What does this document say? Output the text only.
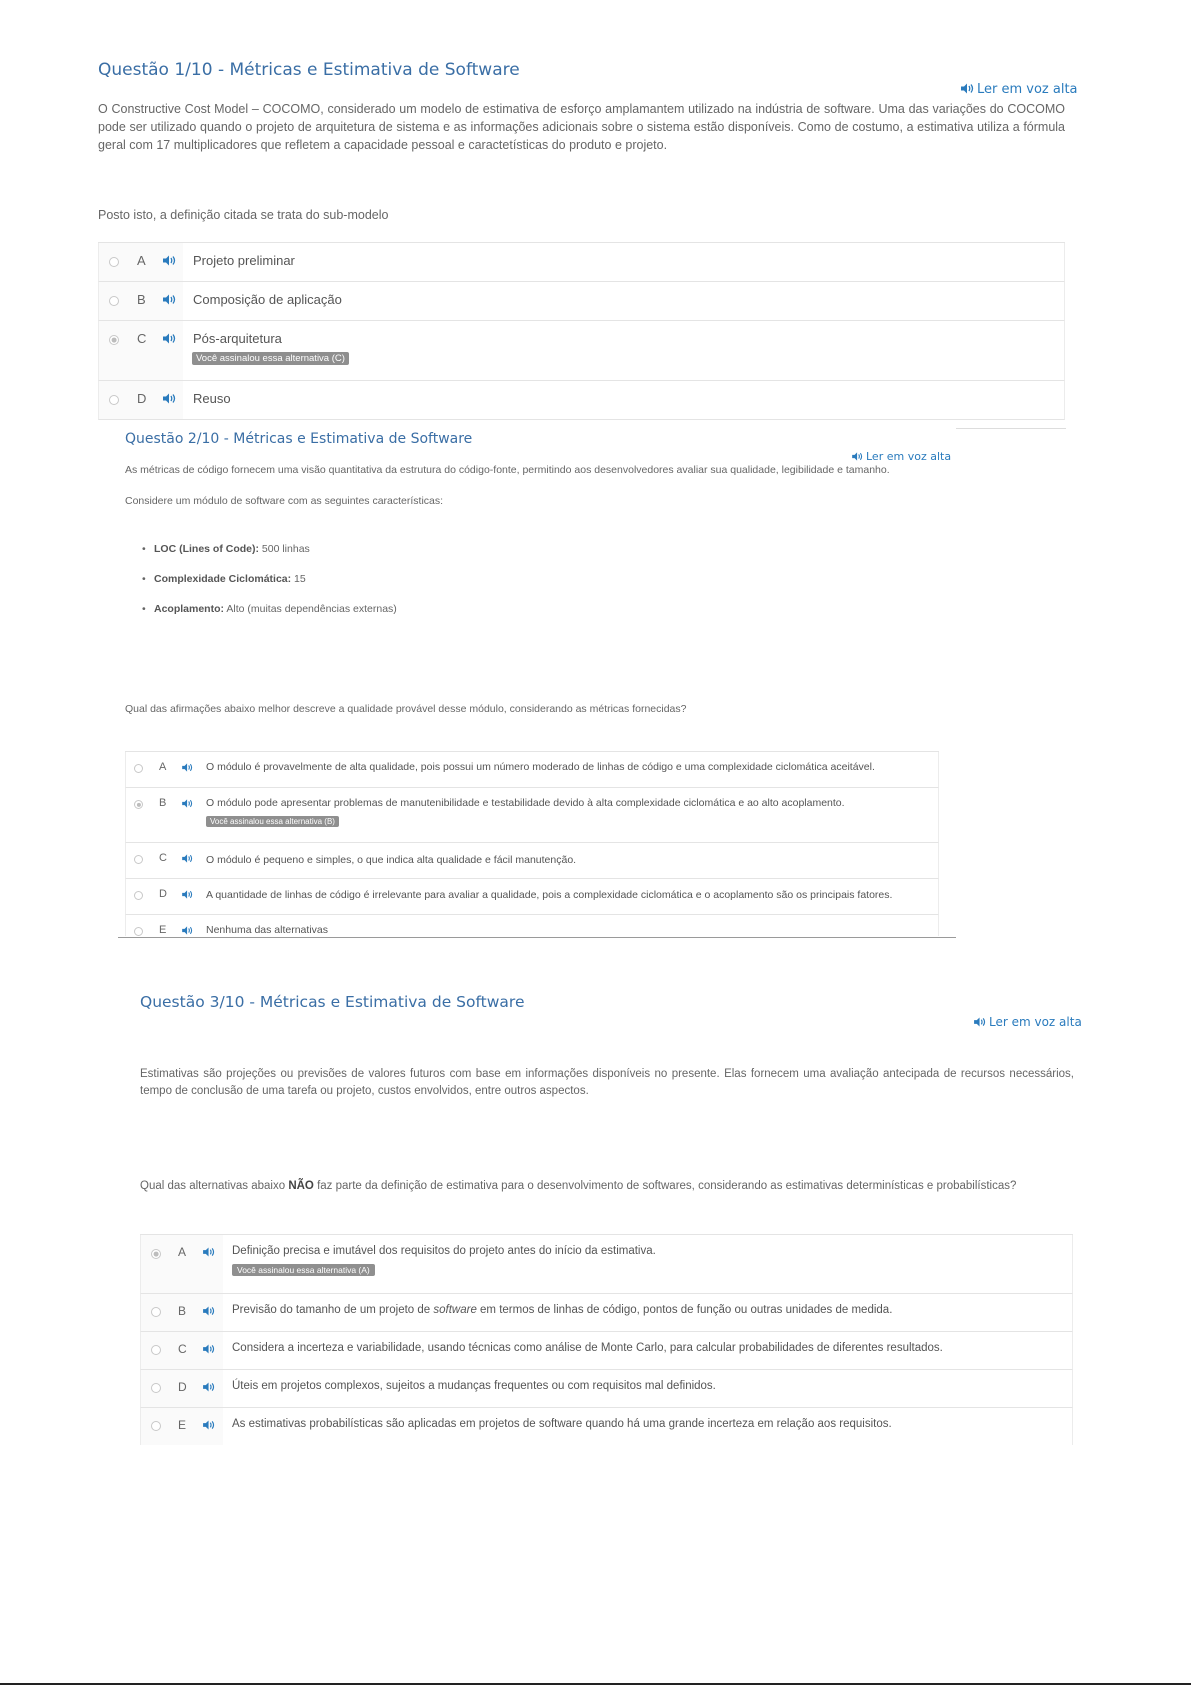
Questão 1/10 - Métricas e Estimativa de Software
Ler em voz alta
O Constructive Cost Model – COCOMO, considerado um modelo de estimativa de esforço amplamantem utilizado na indústria de software. Uma das variações do COCOMO pode ser utilizado quando o projeto de arquitetura de sistema e as informações adicionais sobre o sistema estão disponíveis. Como de costumo, a estimativa utiliza a fórmula geral com 17 multiplicadores que refletem a capacidade pessoal e caractetísticas do produto e projeto.
Posto isto, a definição citada se trata do sub-modelo
A	Projeto preliminar
B	Composição de aplicação
C	Pós-arquitetura
Você assinalou essa alternativa (C)
D	Reuso
Questão 2/10 - Métricas e Estimativa de Software
Ler em voz alta
As métricas de código fornecem uma visão quantitativa da estrutura do código-fonte, permitindo aos desenvolvedores avaliar sua qualidade, legibilidade e tamanho.
Considere um módulo de software com as seguintes características:
• LOC (Lines of Code): 500 linhas
• Complexidade Ciclomática: 15
• Acoplamento: Alto (muitas dependências externas)
Qual das afirmações abaixo melhor descreve a qualidade provável desse módulo, considerando as métricas fornecidas?
A	O módulo é provavelmente de alta qualidade, pois possui um número moderado de linhas de código e uma complexidade ciclomática aceitável.
B	O módulo pode apresentar problemas de manutenibilidade e testabilidade devido à alta complexidade ciclomática e ao alto acoplamento.
Você assinalou essa alternativa (B)
C	O módulo é pequeno e simples, o que indica alta qualidade e fácil manutenção.
D	A quantidade de linhas de código é irrelevante para avaliar a qualidade, pois a complexidade ciclomática e o acoplamento são os principais fatores.
E	Nenhuma das alternativas
Questão 3/10 - Métricas e Estimativa de Software
Ler em voz alta
Estimativas são projeções ou previsões de valores futuros com base em informações disponíveis no presente. Elas fornecem uma avaliação antecipada de recursos necessários, tempo de conclusão de uma tarefa ou projeto, custos envolvidos, entre outros aspectos.
Qual das alternativas abaixo NÃO faz parte da definição de estimativa para o desenvolvimento de softwares, considerando as estimativas determinísticas e probabilísticas?
A	Definição precisa e imutável dos requisitos do projeto antes do início da estimativa.
Você assinalou essa alternativa (A)
B	Previsão do tamanho de um projeto de software em termos de linhas de código, pontos de função ou outras unidades de medida.
C	Considera a incerteza e variabilidade, usando técnicas como análise de Monte Carlo, para calcular probabilidades de diferentes resultados.
D	Úteis em projetos complexos, sujeitos a mudanças frequentes ou com requisitos mal definidos.
E	As estimativas probabilísticas são aplicadas em projetos de software quando há uma grande incerteza em relação aos requisitos.
